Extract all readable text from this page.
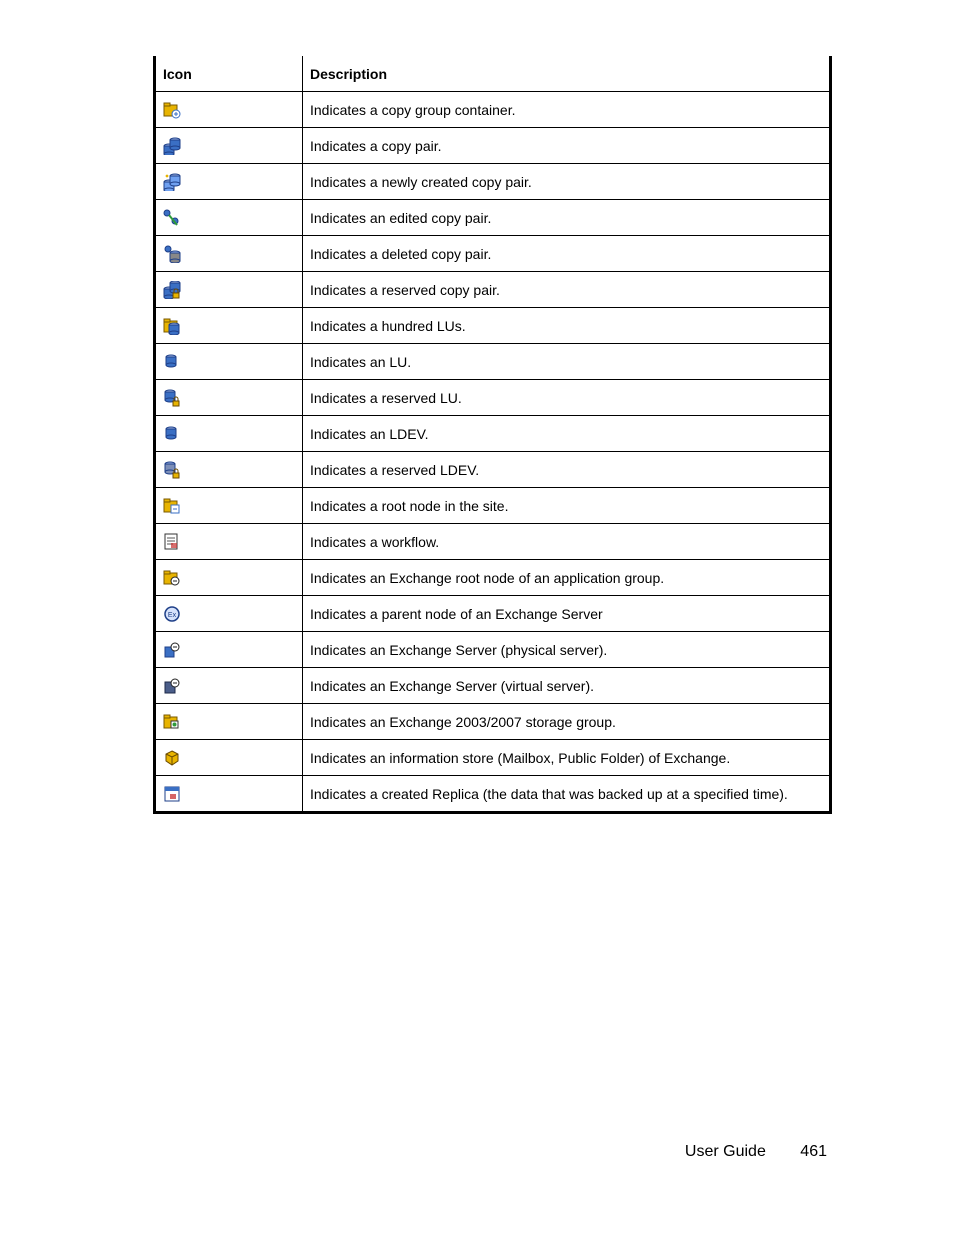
Icon	Description
	Indicates a copy group container.
	Indicates a copy pair.
	Indicates a newly created copy pair.
	Indicates an edited copy pair.
	Indicates a deleted copy pair.
	Indicates a reserved copy pair.
	Indicates a hundred LUs.
	Indicates an LU.
	Indicates a reserved LU.
	Indicates an LDEV.
	Indicates a reserved LDEV.
	Indicates a root node in the site.
	Indicates a workflow.
	Indicates an Exchange root node of an application group.

Ex	Indicates a parent node of an Exchange Server
	Indicates an Exchange Server (physical server).
	Indicates an Exchange Server (virtual server).
	Indicates an Exchange 2003/2007 storage group.
	Indicates an information store (Mailbox, Public Folder) of Exchange.
	Indicates a created Replica (the data that was backed up at a specified time).
User Guide 461
